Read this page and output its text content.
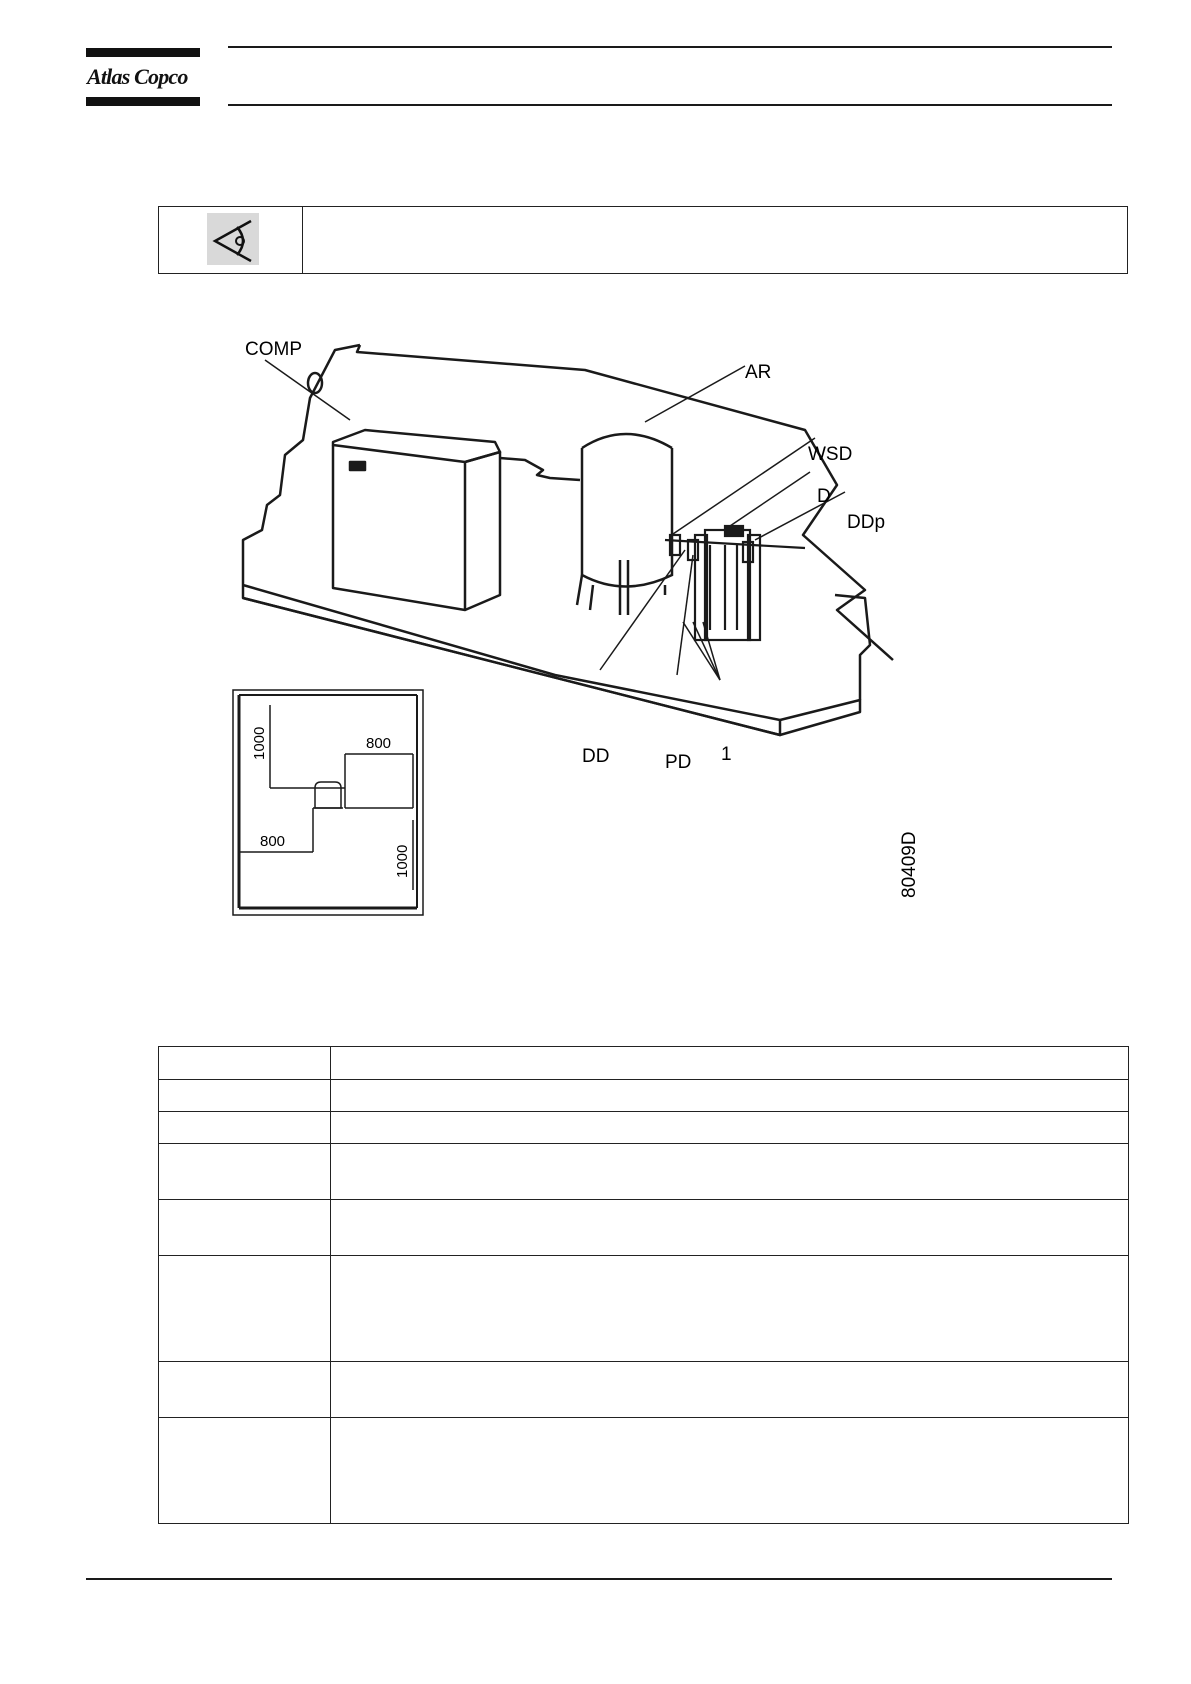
Atlas Copco
COMP
AR
WSD
D
DDp
DD	PD 1
1000	800
800
1000	80409D
